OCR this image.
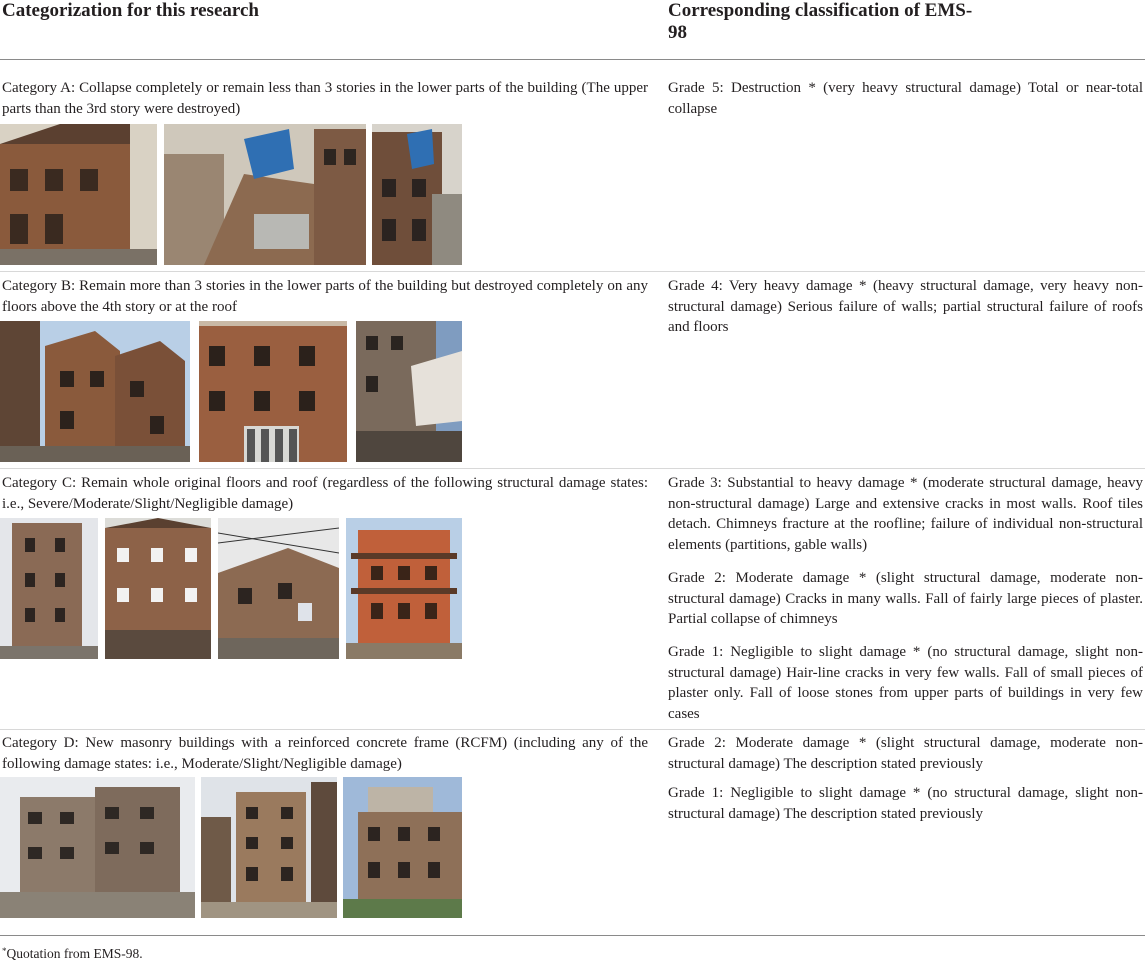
Categorization for this research	Corresponding classification of EMS-98
Category A: Collapse completely or remain less than 3 stories in the lower parts of the building (The upper parts than the 3rd story were destroyed)
Grade 5: Destruction * (very heavy structural damage) Total or near-total collapse
Category B: Remain more than 3 stories in the lower parts of the building but destroyed completely on any floors above the 4th story or at the roof
Grade 4: Very heavy damage * (heavy structural damage, very heavy non-structural damage) Serious failure of walls; partial structural failure of roofs and floors
Category C: Remain whole original floors and roof (regardless of the following structural damage states: i.e., Severe/Moderate/Slight/Negligible damage)
Grade 3: Substantial to heavy damage * (moderate structural damage, heavy non-structural damage) Large and extensive cracks in most walls. Roof tiles detach. Chimneys fracture at the roofline; failure of individual non-structural elements (partitions, gable walls)
Grade 2: Moderate damage * (slight structural damage, moderate non-structural damage) Cracks in many walls. Fall of fairly large pieces of plaster. Partial collapse of chimneys
Grade 1: Negligible to slight damage * (no structural damage, slight non-structural damage) Hair-line cracks in very few walls. Fall of small pieces of plaster only. Fall of loose stones from upper parts of buildings in very few cases
Category D: New masonry buildings with a reinforced concrete frame (RCFM) (including any of the following damage states: i.e., Moderate/Slight/Negligible damage)
Grade 2: Moderate damage * (slight structural damage, moderate non-structural damage) The description stated previously
Grade 1: Negligible to slight damage * (no structural damage, slight non-structural damage) The description stated previously
*Quotation from EMS-98.
